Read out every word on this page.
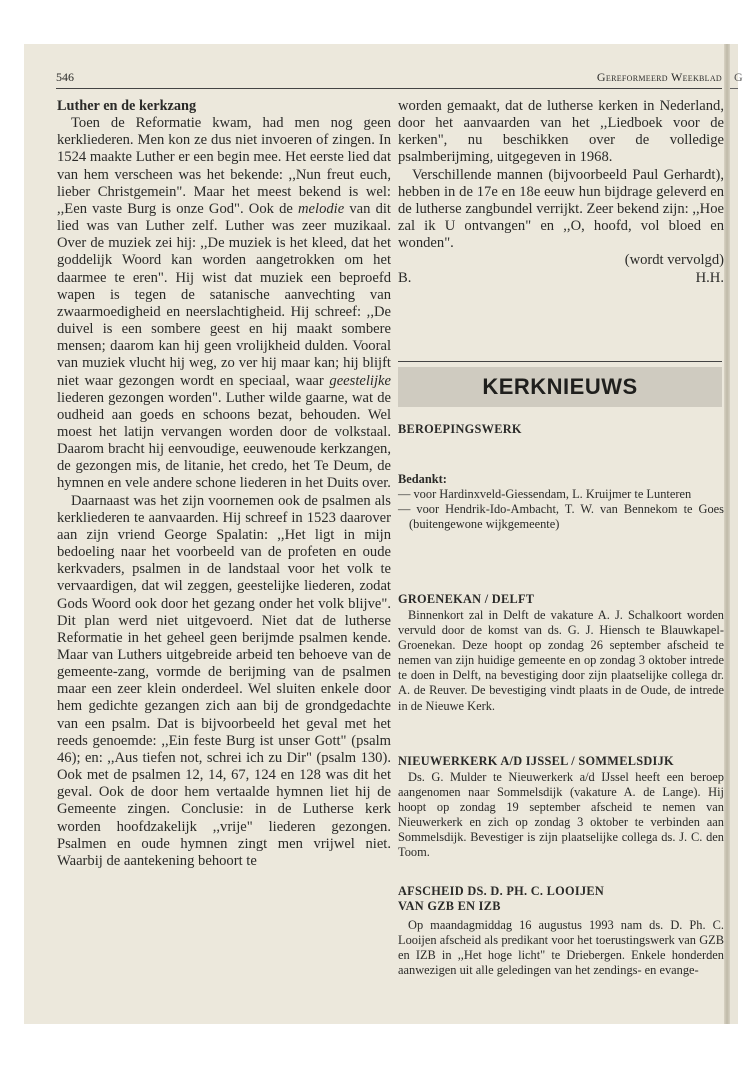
546	Gereformeerd Weekblad

Luther en de kerkzang

Toen de Reformatie kwam, had men nog geen kerkliederen. Men kon ze dus niet invoeren of zingen. In 1524 maakte Luther er een begin mee. Het eerste lied dat van hem verscheen was het bekende: ,,Nun freut euch, lieber Christgemein". Maar het meest bekend is wel: ,,Een vaste Burg is onze God". Ook de melodie van dit lied was van Luther zelf. Luther was zeer muzikaal. Over de muziek zei hij: ,,De muziek is het kleed, dat het goddelijk Woord kan worden aangetrokken om het daarmee te eren". Hij wist dat muziek een beproefd wapen is tegen de satanische aanvechting van zwaarmoedigheid en neerslachtigheid. Hij schreef: ,,De duivel is een sombere geest en hij maakt sombere mensen; daarom kan hij geen vrolijkheid dulden. Vooral van muziek vlucht hij weg, zo ver hij maar kan; hij blijft niet waar gezongen wordt en speciaal, waar geestelijke liederen gezongen worden". Luther wilde gaarne, wat de oudheid aan goeds en schoons bezat, behouden. Wel moest het latijn vervangen worden door de volkstaal. Daarom bracht hij eenvoudige, eeuwenoude kerkzangen, de gezongen mis, de litanie, het credo, het Te Deum, de hymnen en vele andere schone liederen in het Duits over.

Daarnaast was het zijn voornemen ook de psalmen als kerkliederen te aanvaarden. Hij schreef in 1523 daarover aan zijn vriend George Spalatin: ,,Het ligt in mijn bedoeling naar het voorbeeld van de profeten en oude kerkvaders, psalmen in de landstaal voor het volk te vervaardigen, dat wil zeggen, geestelijke liederen, zodat Gods Woord ook door het gezang onder het volk blijve". Dit plan werd niet uitgevoerd. Niet dat de lutherse Reformatie in het geheel geen berijmde psalmen kende. Maar van Luthers uitgebreide arbeid ten behoeve van de gemeente-zang, vormde de berijming van de psalmen maar een zeer klein onderdeel. Wel sluiten enkele door hem gedichte gezangen zich aan bij de grondgedachte van een psalm. Dat is bijvoorbeeld het geval met het reeds genoemde: ,,Ein feste Burg ist unser Gott" (psalm 46); en: ,,Aus tiefen not, schrei ich zu Dir" (psalm 130). Ook met de psalmen 12, 14, 67, 124 en 128 was dit het geval. Ook de door hem vertaalde hymnen liet hij de Gemeente zingen. Conclusie: in de Lutherse kerk worden hoofdzakelijk ,,vrije" liederen gezongen. Psalmen en oude hymnen zingt men vrijwel niet. Waarbij de aantekening behoort te

worden gemaakt, dat de lutherse kerken in Nederland, door het aanvaarden van het ,,Liedboek voor de kerken", nu beschikken over de volledige psalmberijming, uitgegeven in 1968.

Verschillende mannen (bijvoorbeeld Paul Gerhardt), hebben in de 17e en 18e eeuw hun bijdrage geleverd en de lutherse zangbundel verrijkt. Zeer bekend zijn: ,,Hoe zal ik U ontvangen" en ,,O, hoofd, vol bloed en wonden".

(wordt vervolgd)

B.	H.H.

KERKNIEUWS
BEROEPINGSWERK

Bedankt:

— voor Hardinxveld-Giessendam, L. Kruijmer te Lunteren

— voor Hendrik-Ido-Ambacht, T. W. van Bennekom te Goes (buitengewone wijkgemeente)

GROENEKAN / DELFT

Binnenkort zal in Delft de vakature A. J. Schalkoort worden vervuld door de komst van ds. G. J. Hiensch te Blauwkapel-Groenekan. Deze hoopt op zondag 26 september afscheid te nemen van zijn huidige gemeente en op zondag 3 oktober intrede te doen in Delft, na bevestiging door zijn plaatselijke collega dr. A. de Reuver. De bevestiging vindt plaats in de Oude, de intrede in de Nieuwe Kerk.

NIEUWERKERK A/D IJSSEL / SOMMELSDIJK

Ds. G. Mulder te Nieuwerkerk a/d IJssel heeft een beroep aangenomen naar Sommelsdijk (vakature A. de Lange). Hij hoopt op zondag 19 september afscheid te nemen van Nieuwerkerk en zich op zondag 3 oktober te verbinden aan Sommelsdijk. Bevestiger is zijn plaatselijke collega ds. J. C. den Toom.

AFSCHEID DS. D. PH. C. LOOIJEN
VAN GZB EN IZB

Op maandagmiddag 16 augustus 1993 nam ds. D. Ph. C. Looijen afscheid als predikant voor het toerustingswerk van GZB en IZB in ,,Het hoge licht" te Driebergen. Enkele honderden aanwezigen uit alle geledingen van het zendings- en evange-

G
